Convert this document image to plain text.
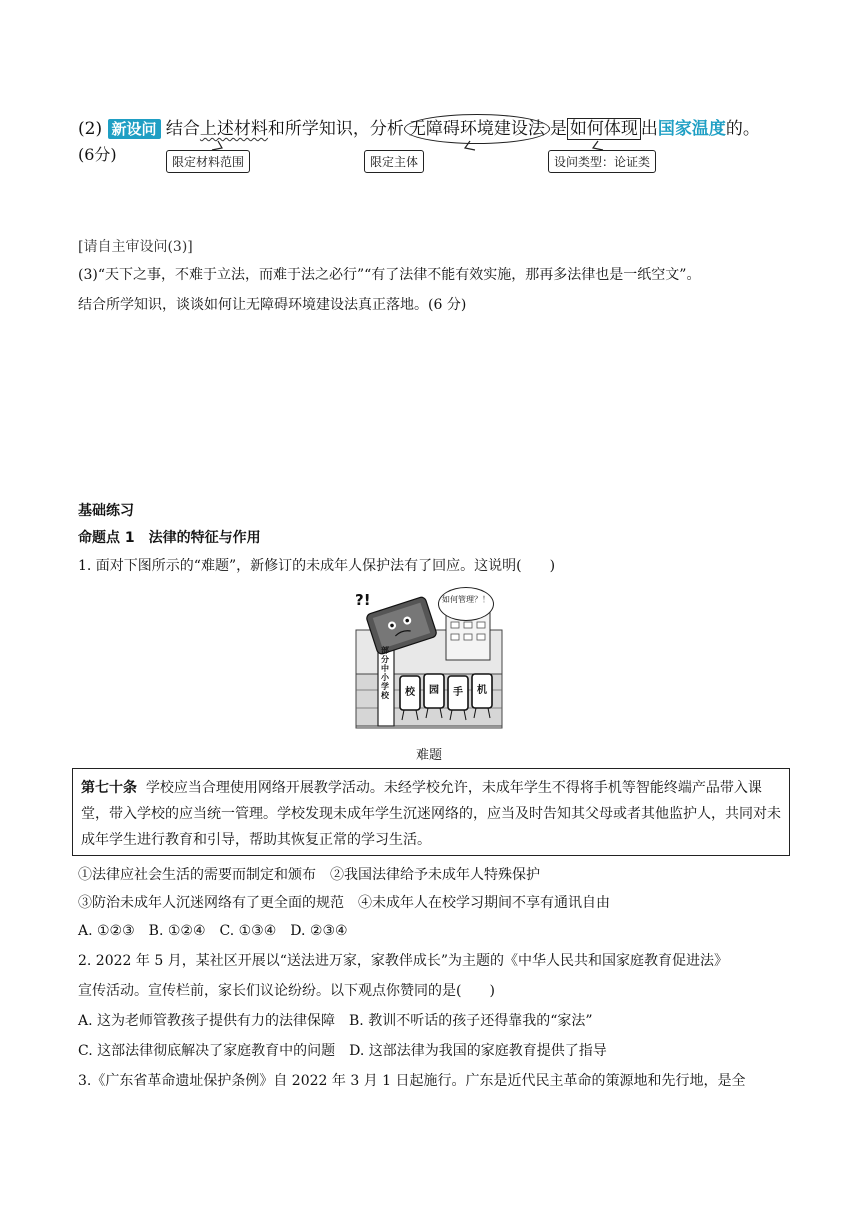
(2) 新设问 结合上述材料和所学知识，分析 无障碍环境建设法 是 如何体现 出国家温度的。
(6分)	限定材料范围	限定主体	设问类型：论证类
[请自主审设问(3)]
(3)“天下之事，不难于立法，而难于法之必行”“有了法律不能有效实施，那再多法律也是一纸空文”。
结合所学知识，谈谈如何让无障碍环境建设法真正落地。(6 分)
基础练习
命题点 1　法律的特征与作用
1. 面对下图所示的“难题”，新修订的未成年人保护法有了回应。这说明(　　)
?!	如何管理？！
部分中小学校 校 园 手 机
难题
第七十条 学校应当合理使用网络开展教学活动。未经学校允许，未成年学生不得将手机等智能终端产品带入课堂，带入学校的应当统一管理。学校发现未成年学生沉迷网络的，应当及时告知其父母或者其他监护人，共同对未成年学生进行教育和引导，帮助其恢复正常的学习生活。
①法律应社会生活的需要而制定和颁布　②我国法律给予未成年人特殊保护
③防治未成年人沉迷网络有了更全面的规范　④未成年人在校学习期间不享有通讯自由
A. ①②③　B. ①②④　C. ①③④　D. ②③④
2. 2022 年 5 月，某社区开展以“送法进万家，家教伴成长”为主题的《中华人民共和国家庭教育促进法》
宣传活动。宣传栏前，家长们议论纷纷。以下观点你赞同的是(　　)
A. 这为老师管教孩子提供有力的法律保障　B. 教训不听话的孩子还得靠我的“家法”
C. 这部法律彻底解决了家庭教育中的问题　D. 这部法律为我国的家庭教育提供了指导
3.《广东省革命遗址保护条例》自 2022 年 3 月 1 日起施行。广东是近代民主革命的策源地和先行地，是全
